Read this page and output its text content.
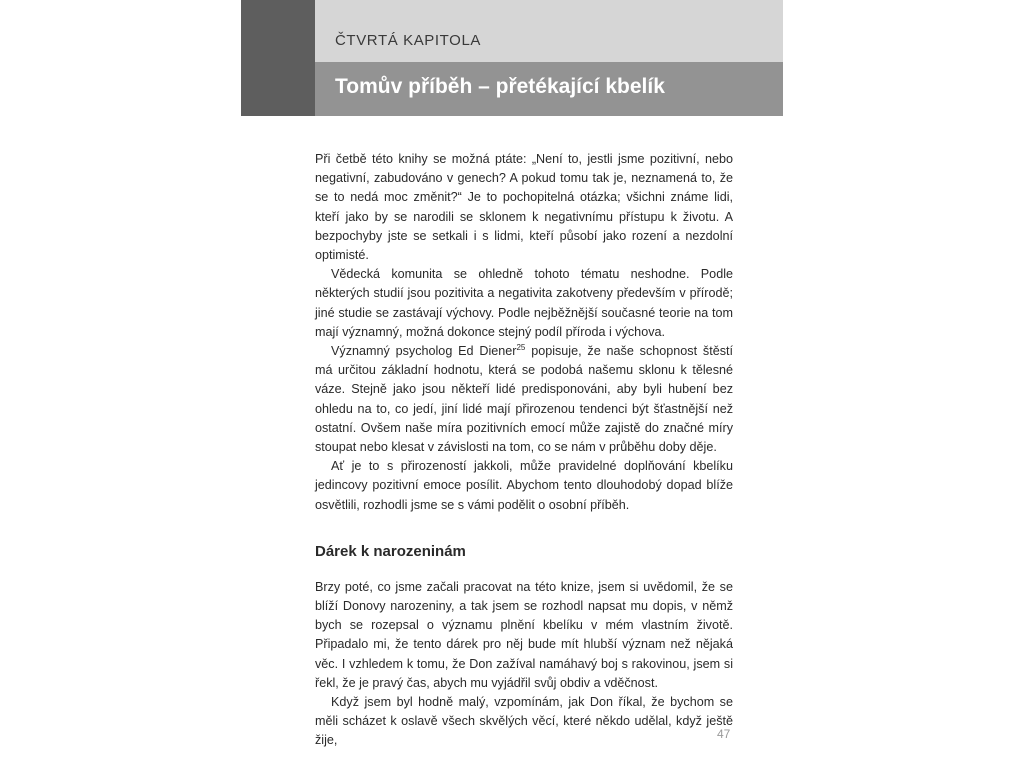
ČTVRTÁ KAPITOLA
Tomův příběh – přetékající kbelík

Při četbě této knihy se možná ptáte: „Není to, jestli jsme pozitivní, nebo negativní, zabudováno v genech? A pokud tomu tak je, neznamená to, že se to nedá moc změnit?“ Je to pochopitelná otázka; všichni známe lidi, kteří jako by se narodili se sklonem k negativnímu přístupu k životu. A bezpochyby jste se setkali i s lidmi, kteří působí jako rození a nezdolní optimisté.

Vědecká komunita se ohledně tohoto tématu neshodne. Podle některých studií jsou pozitivita a negativita zakotveny především v přírodě; jiné studie se zastávají výchovy. Podle nejběžnější současné teorie na tom mají významný, možná dokonce stejný podíl příroda i výchova.

Významný psycholog Ed Diener$^{25}$ popisuje, že naše schopnost štěstí má určitou základní hodnotu, která se podobá našemu sklonu k tělesné váze. Stejně jako jsou někteří lidé predisponováni, aby byli hubení bez ohledu na to, co jedí, jiní lidé mají přirozenou tendenci být šťastnější než ostatní. Ovšem naše míra pozitivních emocí může zajistě do značné míry stoupat nebo klesat v závislosti na tom, co se nám v průběhu doby děje.

Ať je to s přirozeností jakkoli, může pravidelné doplňování kbelíku jedincovy pozitivní emoce posílit. Abychom tento dlouhodobý dopad blíže osvětlili, rozhodli jsme se s vámi podělit o osobní příběh.

Dárek k narozeninám

Brzy poté, co jsme začali pracovat na této knize, jsem si uvědomil, že se blíží Donovy narozeniny, a tak jsem se rozhodl napsat mu dopis, v němž bych se rozepsal o významu plnění kbelíku v mém vlastním životě. Připadalo mi, že tento dárek pro něj bude mít hlubší význam než nějaká věc. I vzhledem k tomu, že Don zažíval namáhavý boj s rakovinou, jsem si řekl, že je pravý čas, abych mu vyjádřil svůj obdiv a vděčnost.

Když jsem byl hodně malý, vzpomínám, jak Don říkal, že bychom se měli scházet k oslavě všech skvělých věcí, které někdo udělal, když ještě žije,	47
